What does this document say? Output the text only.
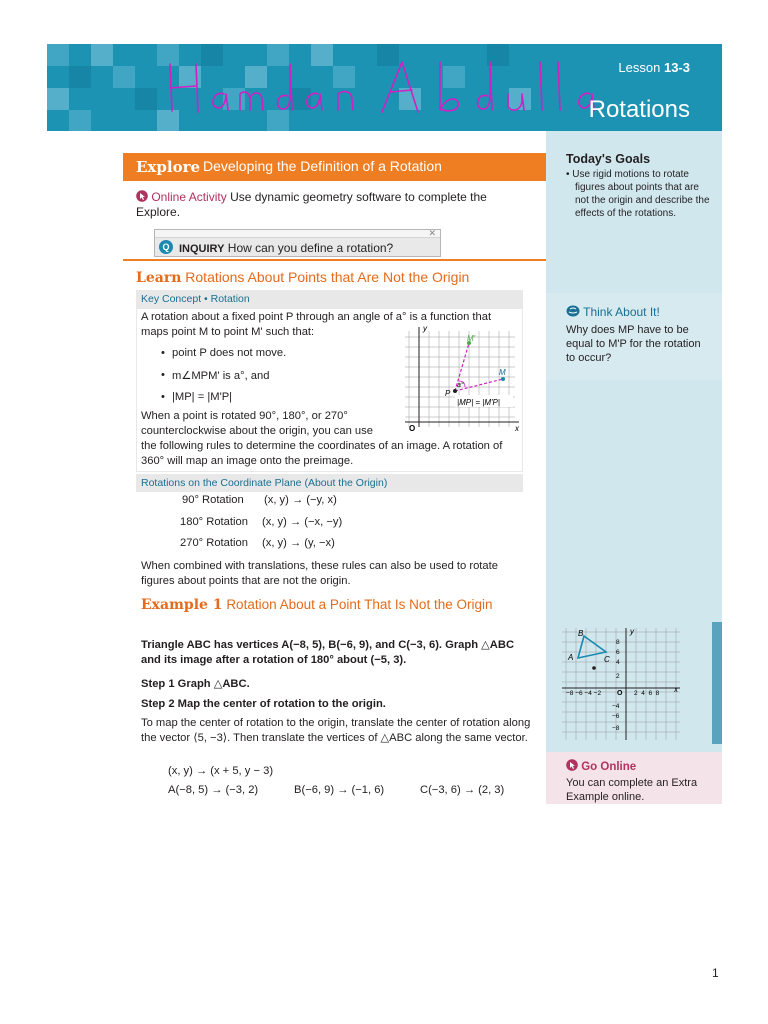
Lesson 13-3
Rotations
Today's Goals
• Use rigid motions to rotate figures about points that are not the origin and describe the effects of the rotations.
Think About It!
Why does MP have to be equal to M'P for the rotation to occur?
B
A	C
y
x
O
−8 −6 −4 −2	2  4  6  8
8
6
4
2
−4
−6
−8
Go Online
You can complete an Extra Example online.
Explore Developing the Definition of a Rotation
Online Activity Use dynamic geometry software to complete the Explore.
✕
Q INQUIRY How can you define a rotation?
Learn Rotations About Points that Are Not the Origin
Key Concept • Rotation
A rotation about a fixed point P through an angle of a° is a function that maps point M to point M' such that:
• point P does not move.
• m∠MPM' is a°, and
• |MP| = |M'P|
When a point is rotated 90°, 180°, or 270° counterclockwise about the origin, you can use
the following rules to determine the coordinates of an image. A rotation of 360° will map an image onto the preimage.
P
M
M'
a°
y
x
O
|MP| = |M'P|
Rotations on the Coordinate Plane (About the Origin)
90° Rotation (x, y) → (−y, x)
180° Rotation (x, y) → (−x, −y)
270° Rotation (x, y) → (y, −x)
When combined with translations, these rules can also be used to rotate figures about points that are not the origin.
Example 1 Rotation About a Point That Is Not the Origin
Triangle ABC has vertices A(−8, 5), B(−6, 9), and C(−3, 6). Graph △ABC and its image after a rotation of 180° about (−5, 3).
Step 1 Graph △ABC.
Step 2 Map the center of rotation to the origin.
To map the center of rotation to the origin, translate the center of rotation along the vector ⟨5, −3⟩. Then translate the vertices of △ABC along the same vector.
(x, y) → (x + 5, y − 3)
A(−8, 5) → (−3, 2)	B(−6, 9) → (−1, 6)	C(−3, 6) → (2, 3)
1
